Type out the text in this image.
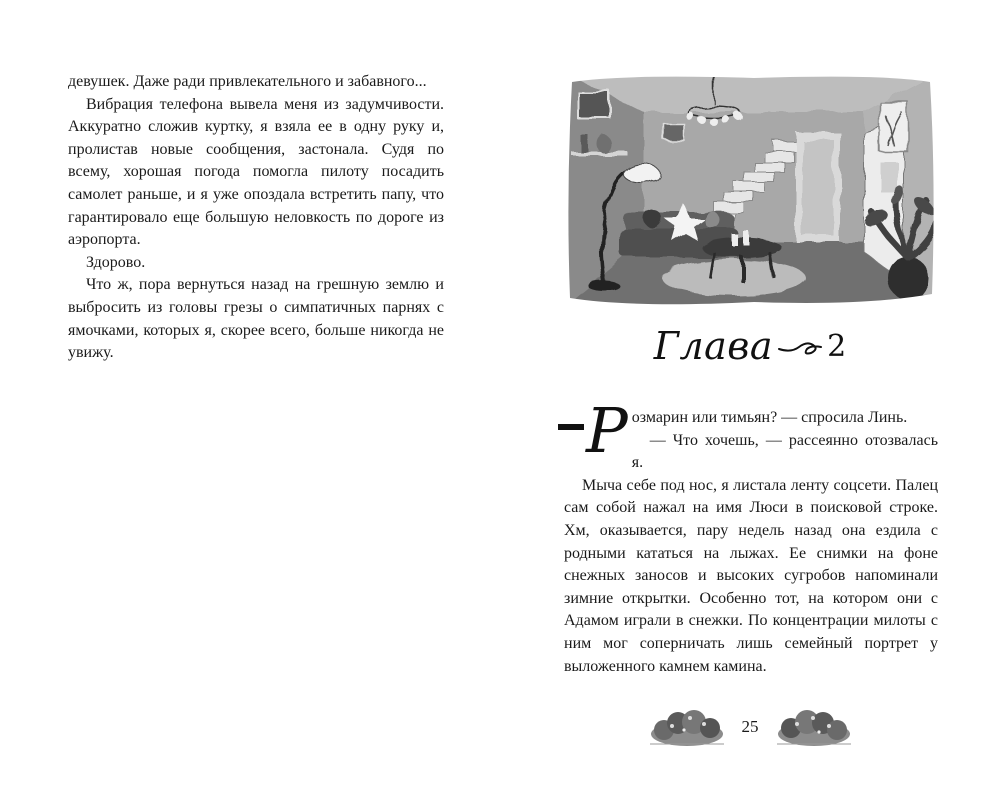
девушек. Даже ради привлекательного и забавного...

Вибрация телефона вывела меня из задумчивости. Аккуратно сложив куртку, я взяла ее в одну руку и, пролистав новые сообщения, застонала. Судя по всему, хорошая погода помогла пилоту посадить самолет раньше, и я уже опоздала встретить папу, что гарантировало еще большую неловкость по дороге из аэропорта.

Здорово.

Что ж, пора вернуться назад на грешную землю и выбросить из головы грезы о симпатичных парнях с ямочками, которых я, скорее всего, больше никогда не увижу.	Глава 2
Р озмарин или тимьян? — спросила Линь.

— Что хочешь, — рассеянно отозвалась я.

Мыча себе под нос, я листала ленту соцсети. Палец сам собой нажал на имя Люси в поисковой строке. Хм, оказывается, пару недель назад она ездила с родными кататься на лыжах. Ее снимки на фоне снежных заносов и высоких сугробов напоминали зимние открытки. Особенно тот, на котором они с Адамом играли в снежки. По концентрации милоты с ним мог соперничать лишь семейный портрет у выложенного камнем камина.

25
